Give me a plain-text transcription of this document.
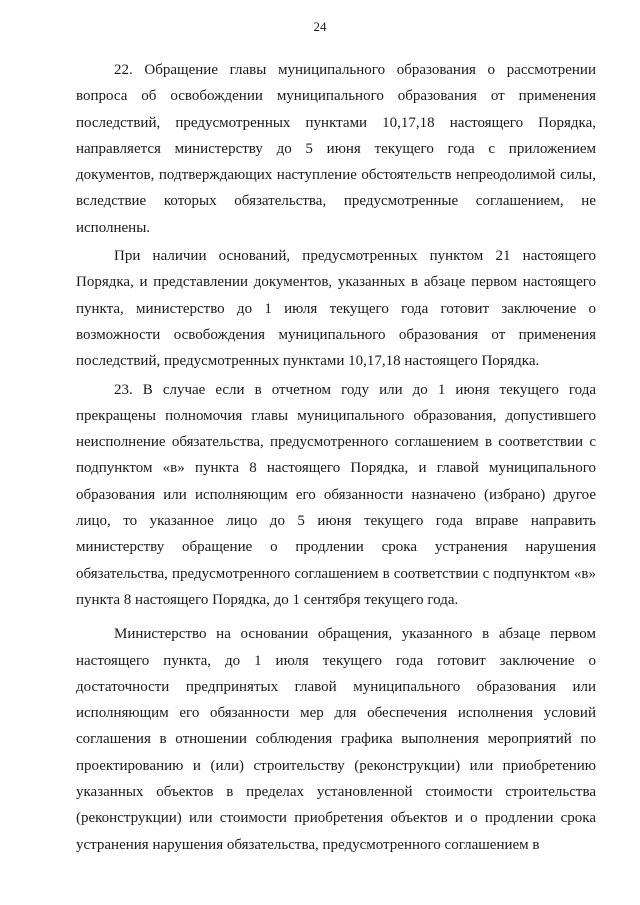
24

22. Обращение главы муниципального образования о рассмотрении вопроса об освобождении муниципального образования от применения последствий, предусмотренных пунктами 10,17,18 настоящего Порядка, направляется министерству до 5 июня текущего года с приложением документов, подтверждающих наступление обстоятельств непреодолимой силы, вследствие которых обязательства, предусмотренные соглашением, не исполнены.

При наличии оснований, предусмотренных пунктом 21 настоящего Порядка, и представлении документов, указанных в абзаце первом настоящего пункта, министерство до 1 июля текущего года готовит заключение о возможности освобождения муниципального образования от применения последствий, предусмотренных пунктами 10,17,18 настоящего Порядка.

23. В случае если в отчетном году или до 1 июня текущего года прекращены полномочия главы муниципального образования, допустившего неисполнение обязательства, предусмотренного соглашением в соответствии с подпунктом «в» пункта 8 настоящего Порядка, и главой муниципального образования или исполняющим его обязанности назначено (избрано) другое лицо, то указанное лицо до 5 июня текущего года вправе направить министерству обращение о продлении срока устранения нарушения обязательства, предусмотренного соглашением в соответствии с подпунктом «в» пункта 8 настоящего Порядка, до 1 сентября текущего года.

Министерство на основании обращения, указанного в абзаце первом настоящего пункта, до 1 июля текущего года готовит заключение о достаточности предпринятых главой муниципального образования или исполняющим его обязанности мер для обеспечения исполнения условий соглашения в отношении соблюдения графика выполнения мероприятий по проектированию и (или) строительству (реконструкции) или приобретению указанных объектов в пределах установленной стоимости строительства (реконструкции) или стоимости приобретения объектов и о продлении срока устранения нарушения обязательства, предусмотренного соглашением в
